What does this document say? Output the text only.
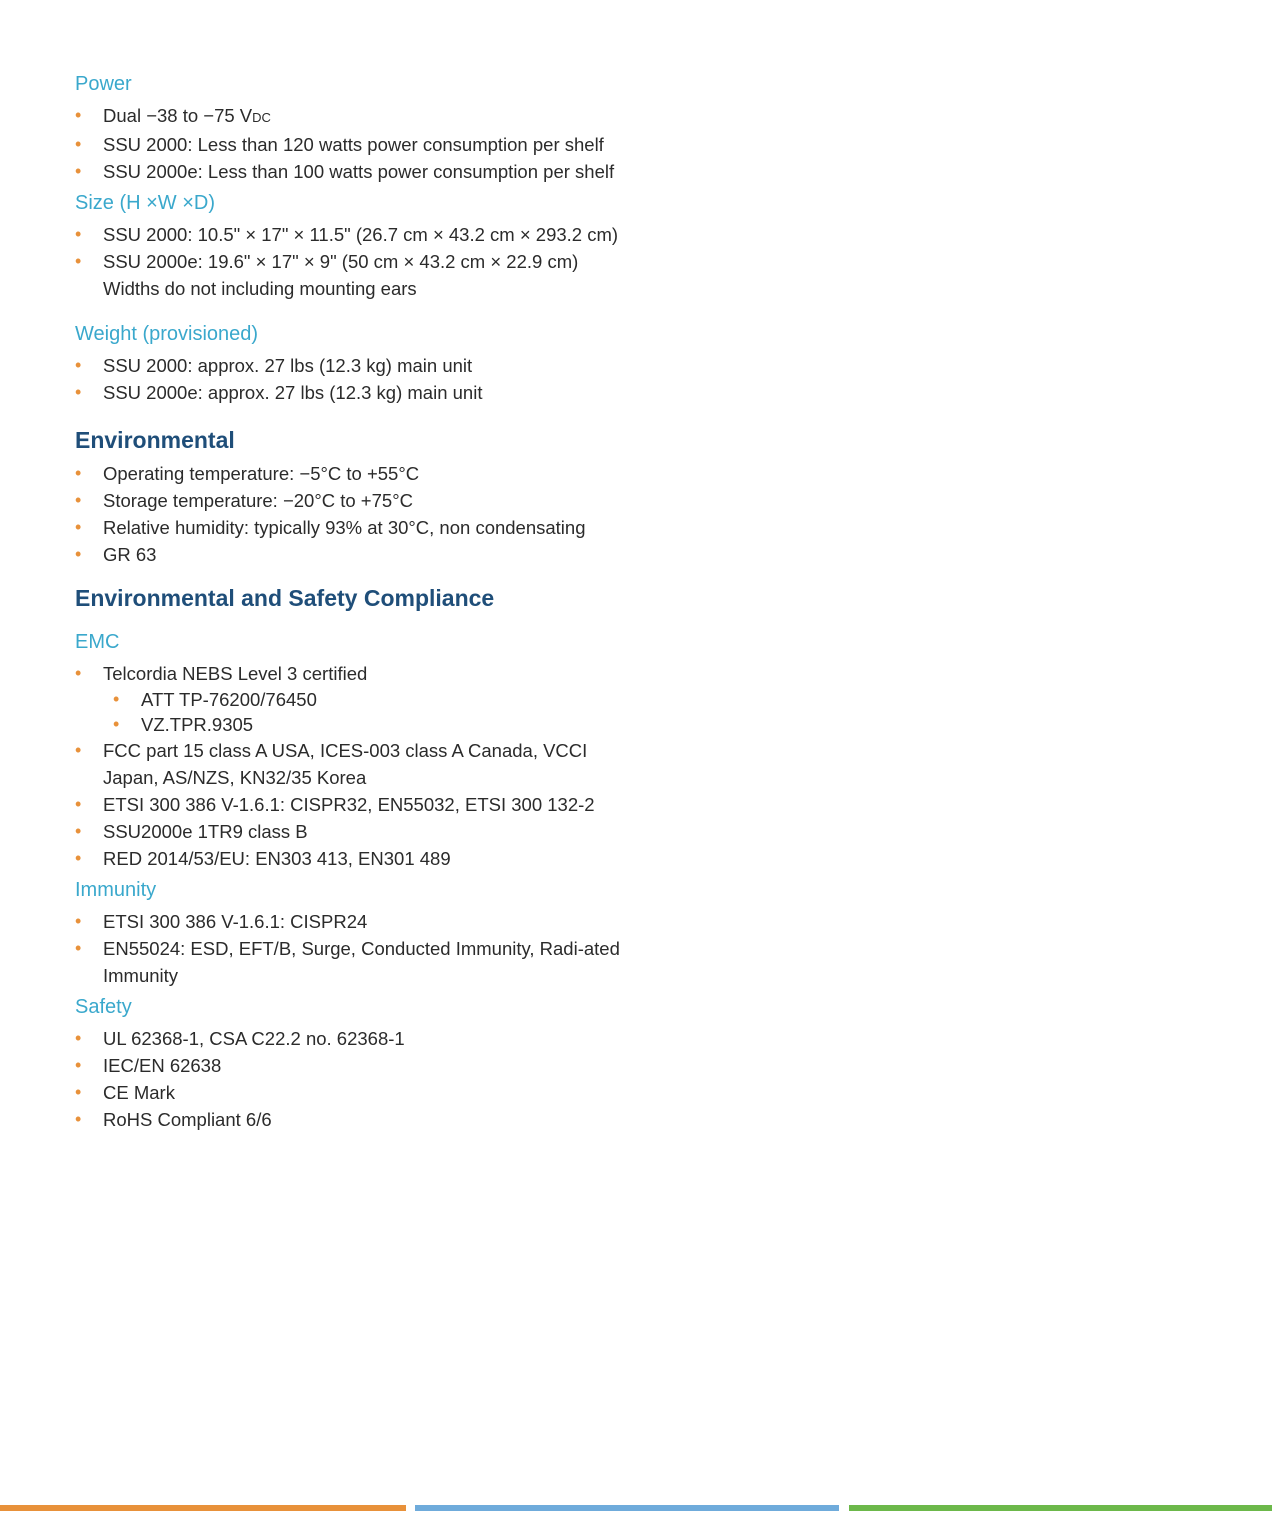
Power
• Dual −38 to −75 VDC
• SSU 2000: Less than 120 watts power consumption per shelf
• SSU 2000e: Less than 100 watts power consumption per shelf
Size (H ×W ×D)
• SSU 2000: 10.5" × 17" × 11.5" (26.7 cm × 43.2 cm × 293.2 cm)
• SSU 2000e: 19.6" × 17" × 9" (50 cm × 43.2 cm × 22.9 cm) Widths do not including mounting ears
Weight (provisioned)
• SSU 2000: approx. 27 lbs (12.3 kg) main unit
• SSU 2000e: approx. 27 lbs (12.3 kg) main unit
Environmental
• Operating temperature: −5°C to +55°C
• Storage temperature: −20°C to +75°C
• Relative humidity: typically 93% at 30°C, non condensating
• GR 63
Environmental and Safety Compliance
EMC
• Telcordia NEBS Level 3 certified
• ATT TP-76200/76450
• VZ.TPR.9305
• FCC part 15 class A USA, ICES-003 class A Canada, VCCI Japan, AS/NZS, KN32/35 Korea
• ETSI 300 386 V-1.6.1: CISPR32, EN55032, ETSI 300 132-2
• SSU2000e 1TR9 class B
• RED 2014/53/EU: EN303 413, EN301 489
Immunity
• ETSI 300 386 V-1.6.1: CISPR24
• EN55024: ESD, EFT/B, Surge, Conducted Immunity, Radi-ated Immunity
Safety
• UL 62368-1, CSA C22.2 no. 62368-1
• IEC/EN 62638
• CE Mark
• RoHS Compliant 6/6
